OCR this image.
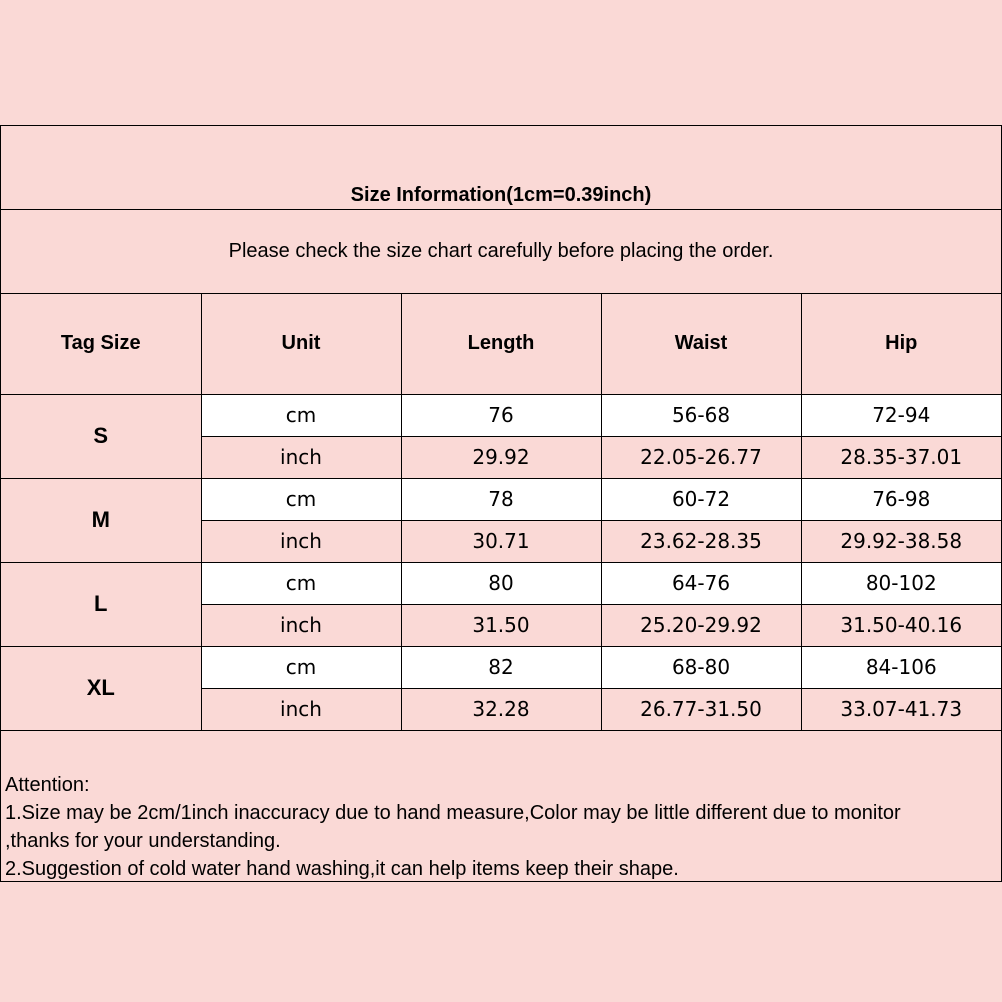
Size Information(1cm=0.39inch)
Please check the size chart carefully before placing the order.
Tag Size	Unit	Length	Waist	Hip
S	cm	76	56-68	72-94
	inch	29.92	22.05-26.77	28.35-37.01
M	cm	78	60-72	76-98
	inch	30.71	23.62-28.35	29.92-38.58
L	cm	80	64-76	80-102
	inch	31.50	25.20-29.92	31.50-40.16
XL	cm	82	68-80	84-106
	inch	32.28	26.77-31.50	33.07-41.73

Attention:

1.Size may be 2cm/1inch inaccuracy due to hand measure,Color may be little different due to monitor

,thanks for your understanding.

2.Suggestion of cold water hand washing,it can help items keep their shape.
